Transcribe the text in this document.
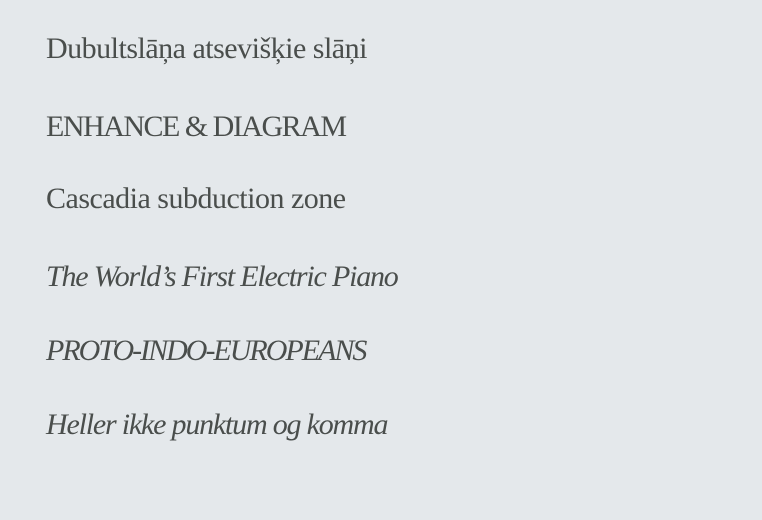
Dubultslāņa atsevišķie slāņi
ENHANCE & DIAGRAM
Cascadia subduction zone
The World’s First Electric Piano
PROTO-INDO-EUROPEANS
Heller ikke punktum og komma
